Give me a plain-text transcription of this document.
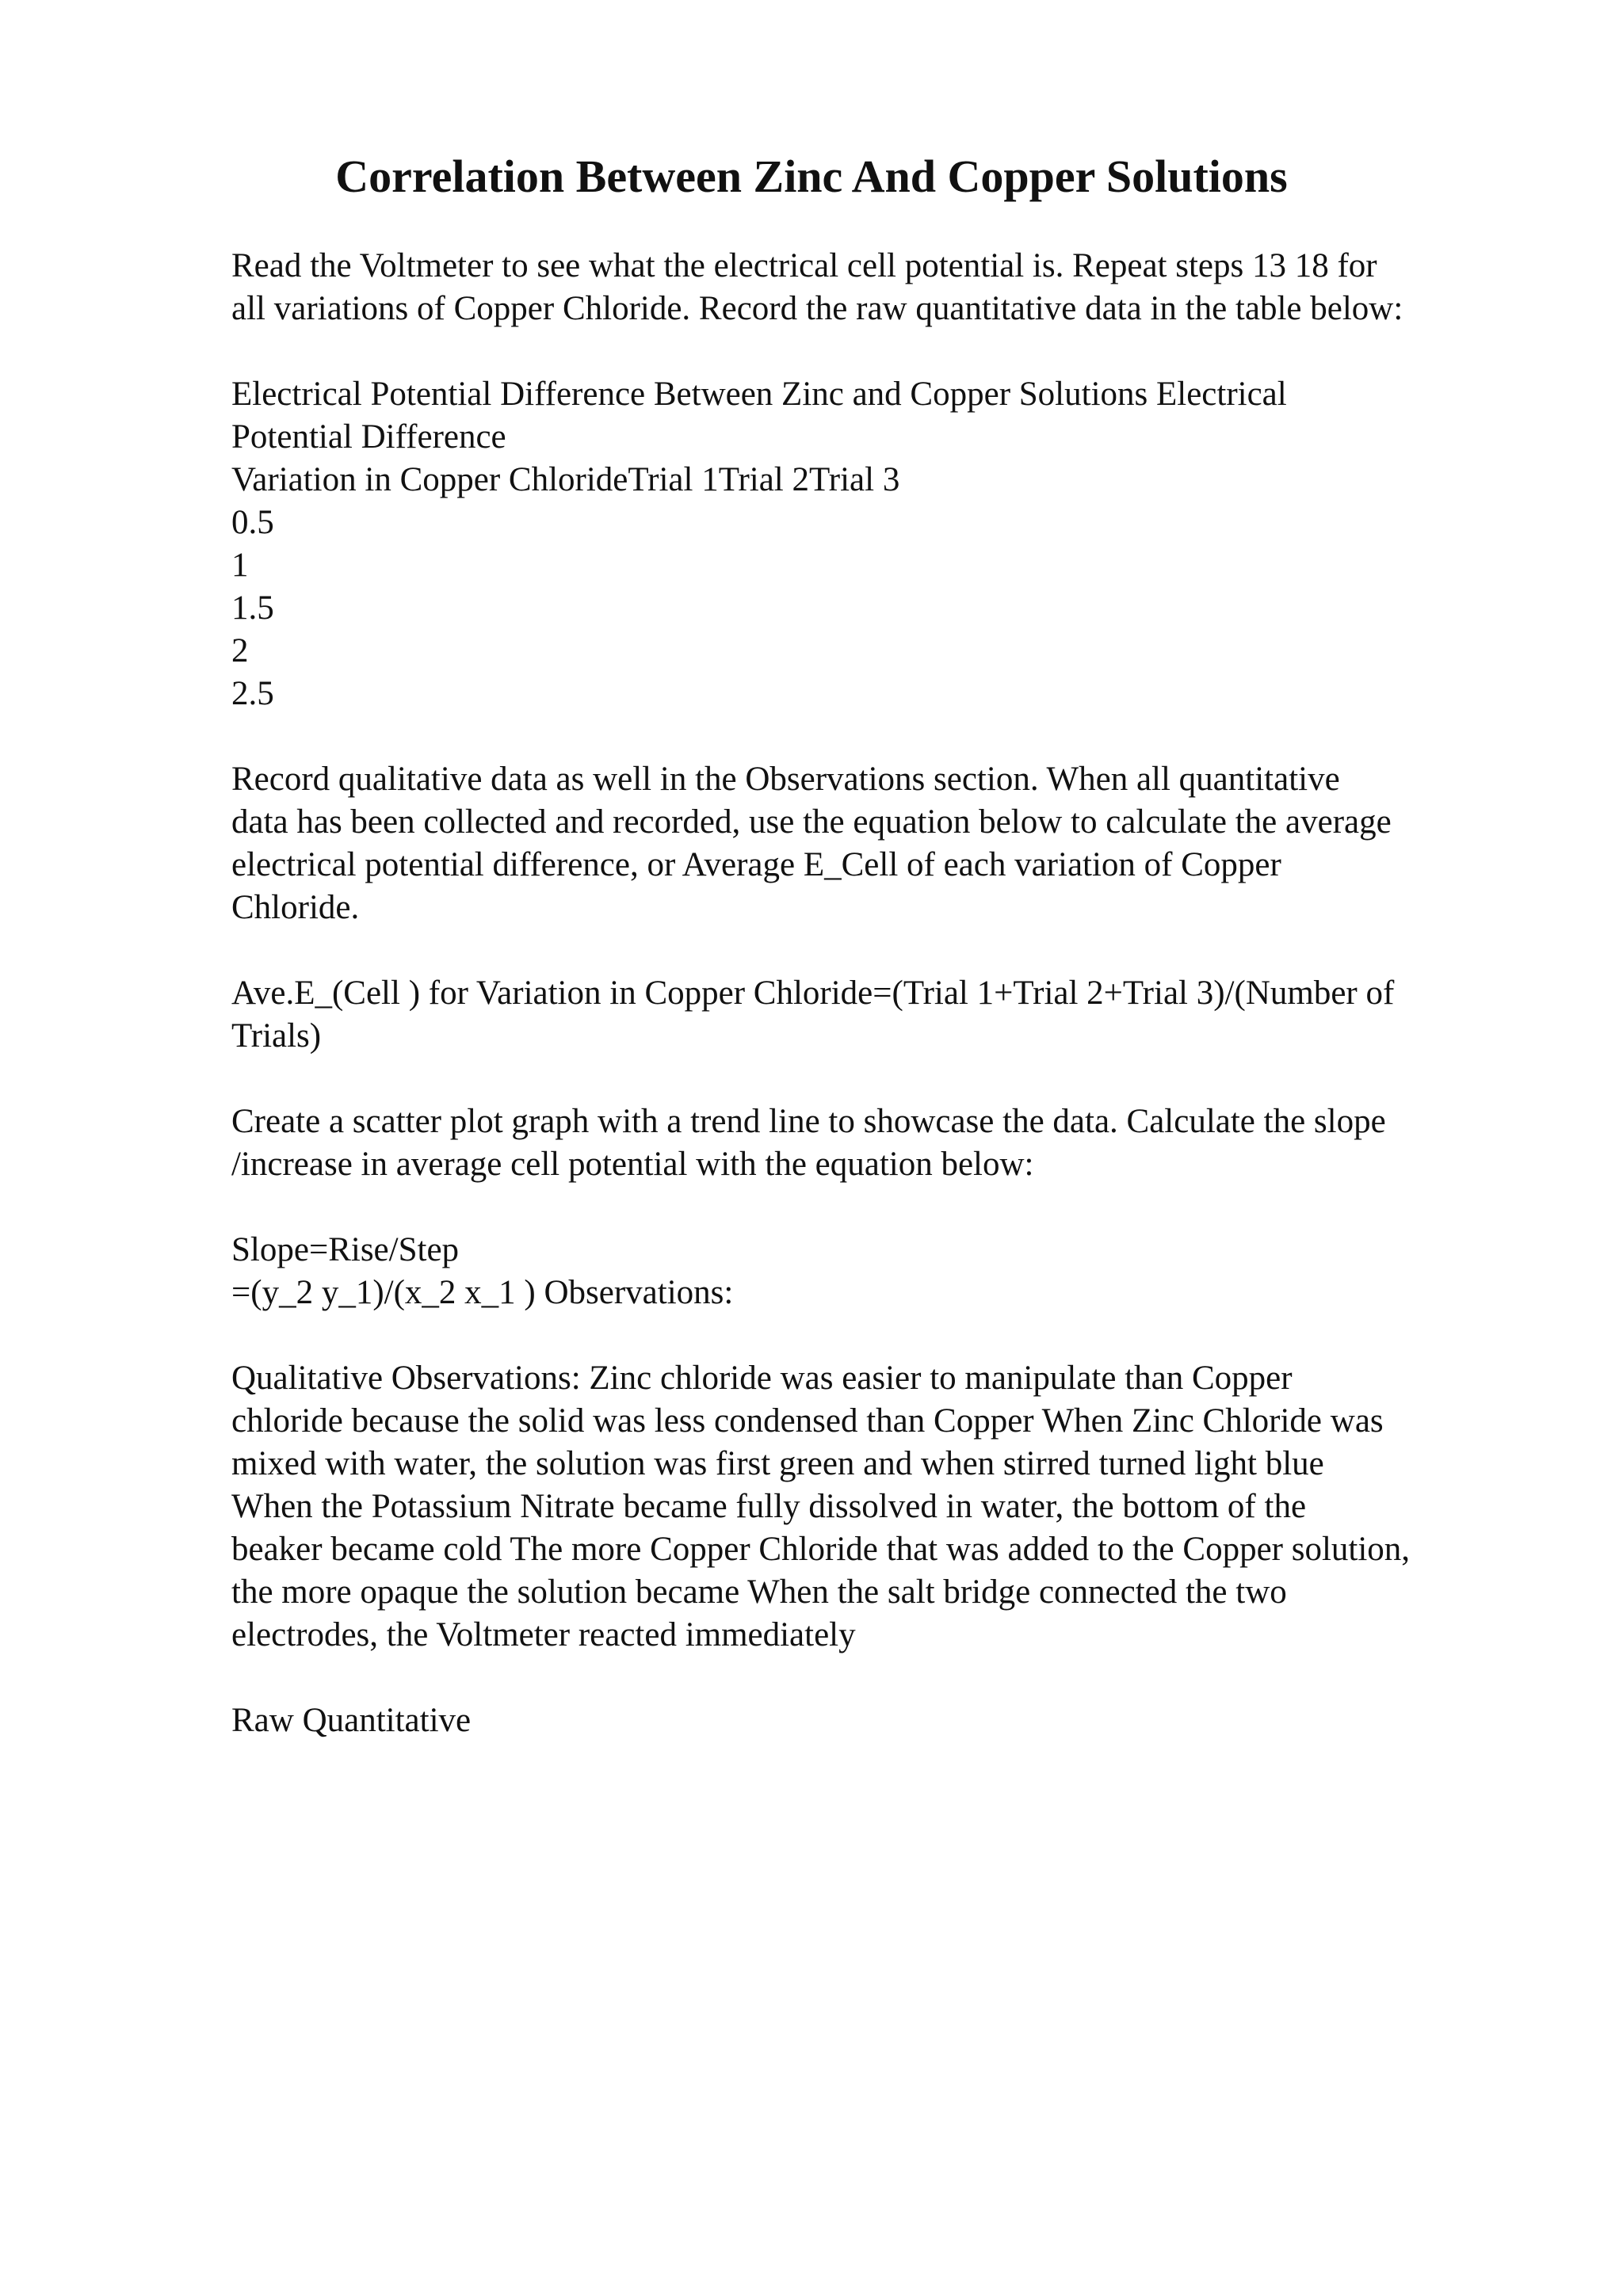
Correlation Between Zinc And Copper Solutions
Read the Voltmeter to see what the electrical cell potential is. Repeat steps 13 18 for
all variations of Copper Chloride. Record the raw quantitative data in the table below:
Electrical Potential Difference Between Zinc and Copper Solutions Electrical
Potential Difference
Variation in Copper ChlorideTrial 1Trial 2Trial 3
0.5
1
1.5
2
2.5
Record qualitative data as well in the Observations section. When all quantitative
data has been collected and recorded, use the equation below to calculate the average
electrical potential difference, or Average E_Cell of each variation of Copper
Chloride.
Ave.E_(Cell ) for Variation in Copper Chloride=(Trial 1+Trial 2+Trial 3)/(Number of
Trials)
Create a scatter plot graph with a trend line to showcase the data. Calculate the slope
/increase in average cell potential with the equation below:
Slope=Rise/Step
=(y_2 y_1)/(x_2 x_1 ) Observations:
Qualitative Observations: Zinc chloride was easier to manipulate than Copper
chloride because the solid was less condensed than Copper When Zinc Chloride was
mixed with water, the solution was first green and when stirred turned light blue
When the Potassium Nitrate became fully dissolved in water, the bottom of the
beaker became cold The more Copper Chloride that was added to the Copper solution,
the more opaque the solution became When the salt bridge connected the two
electrodes, the Voltmeter reacted immediately
Raw Quantitative
